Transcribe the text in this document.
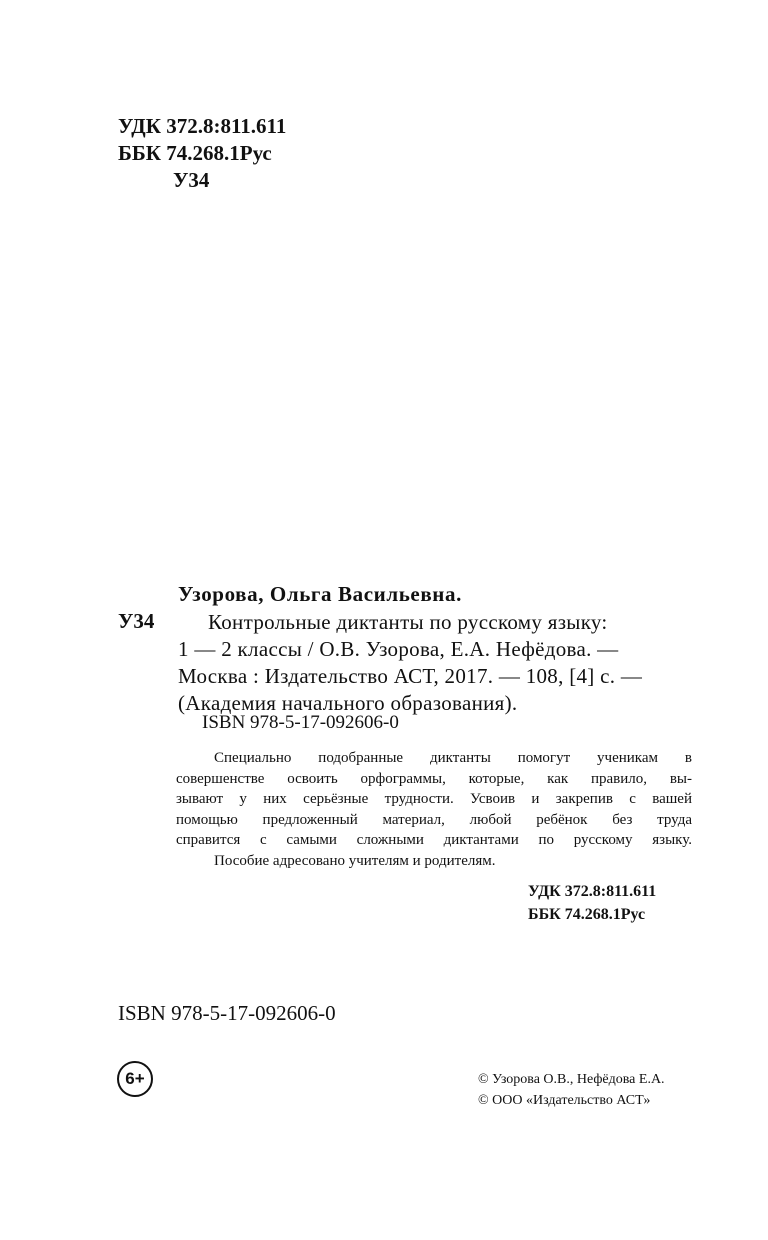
УДК 372.8:811.611
ББК 74.268.1Рус
У34
Узорова, Ольга Васильевна.
У34	Контрольные диктанты по русскому языку:
1 — 2 классы / О.В. Узорова, Е.А. Нефёдова. —
Москва : Издательство АСТ, 2017. — 108, [4] с. —
(Академия начального образования).
ISBN 978-5-17-092606-0
Специально подобранные диктанты помогут ученикам в
совершенстве освоить орфограммы, которые, как правило, вы-
зывают у них серьёзные трудности. Усвоив и закрепив с вашей
помощью предложенный материал, любой ребёнок без труда
справится с самыми сложными диктантами по русскому языку.
Пособие адресовано учителям и родителям.
УДК 372.8:811.611
ББК 74.268.1Рус
ISBN 978-5-17-092606-0
6+	© Узорова О.В., Нефёдова Е.А.
© ООО «Издательство АСТ»
